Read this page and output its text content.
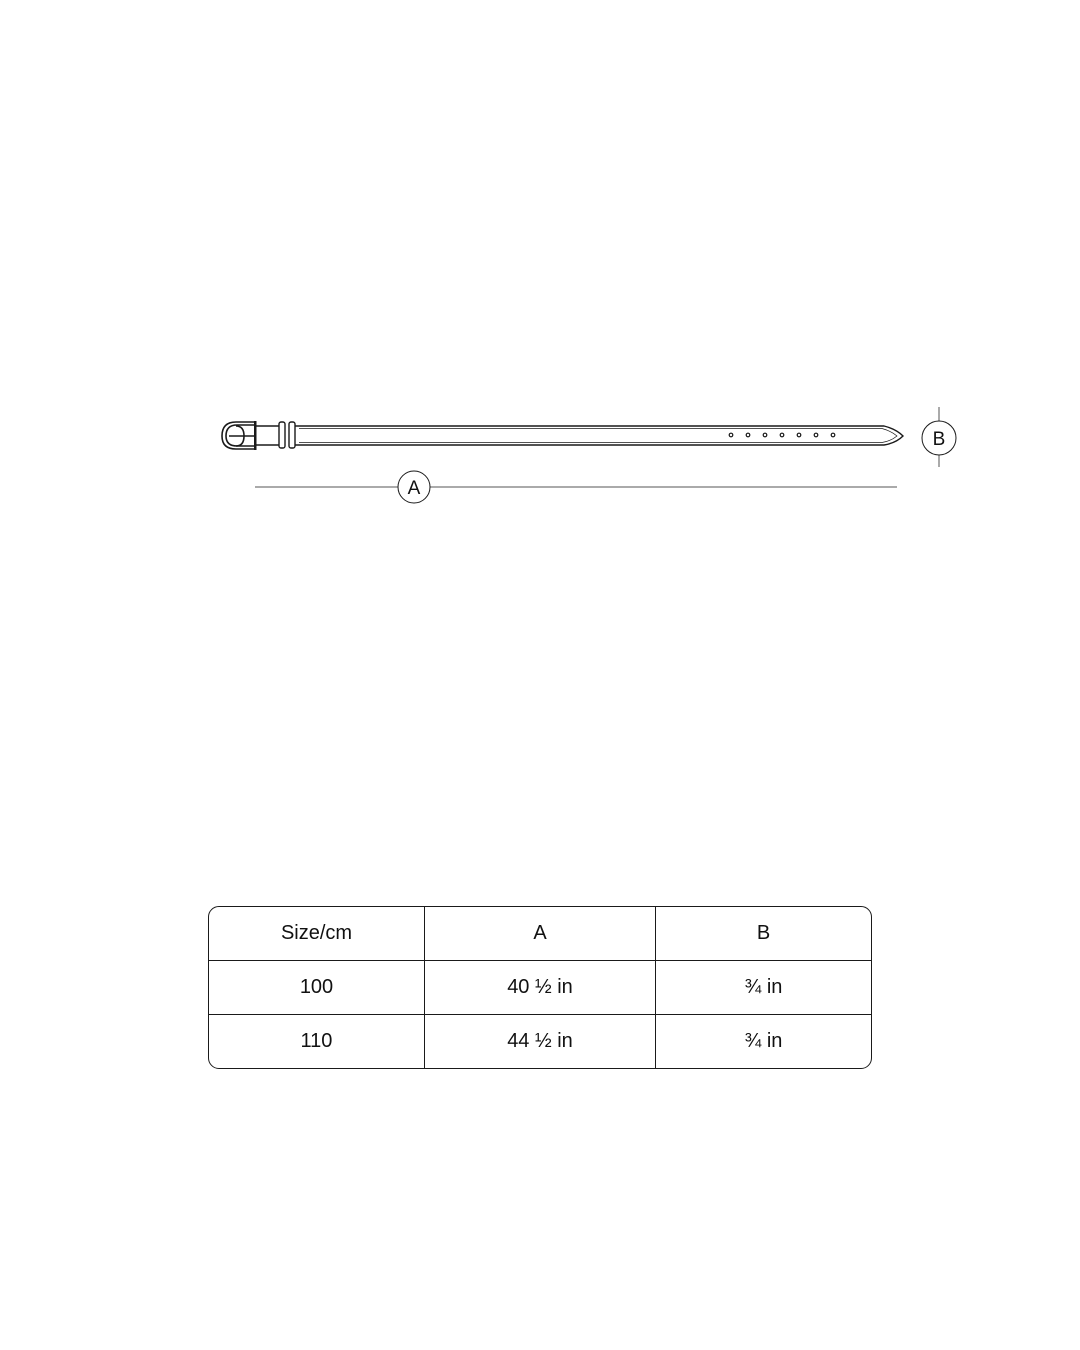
A
B
Size/cm	A	B
100	40 ½ in	¾ in
110	44 ½ in	¾ in
